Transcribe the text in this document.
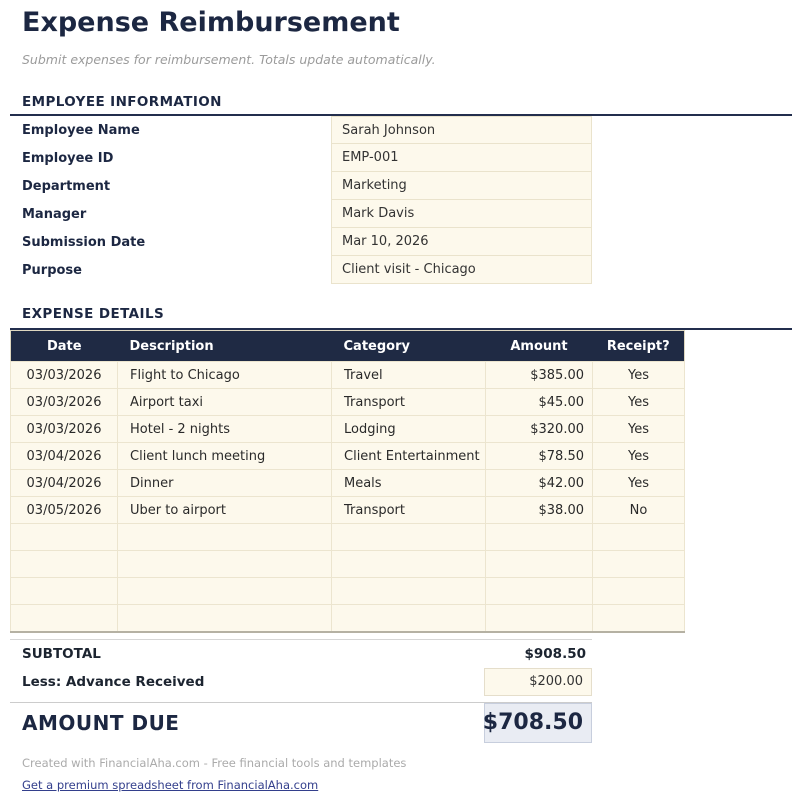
Expense Reimbursement
Submit expenses for reimbursement. Totals update automatically.
EMPLOYEE INFORMATION
Employee Name	Sarah Johnson
Employee ID	EMP-001
Department	Marketing
Manager	Mark Davis
Submission Date	Mar 10, 2026
Purpose	Client visit - Chicago
EXPENSE DETAILS
Date	Description	Category	Amount	Receipt?
03/03/2026	Flight to Chicago	Travel	$385.00	Yes
03/03/2026	Airport taxi	Transport	$45.00	Yes
03/03/2026	Hotel - 2 nights	Lodging	$320.00	Yes
03/04/2026	Client lunch meeting	Client Entertainment	$78.50	Yes
03/04/2026	Dinner	Meals	$42.00	Yes
03/05/2026	Uber to airport	Transport	$38.00	No

SUBTOTAL	$908.50
Less: Advance Received	$200.00
AMOUNT DUE	$708.50
Created with FinancialAha.com - Free financial tools and templates
Get a premium spreadsheet from FinancialAha.com
